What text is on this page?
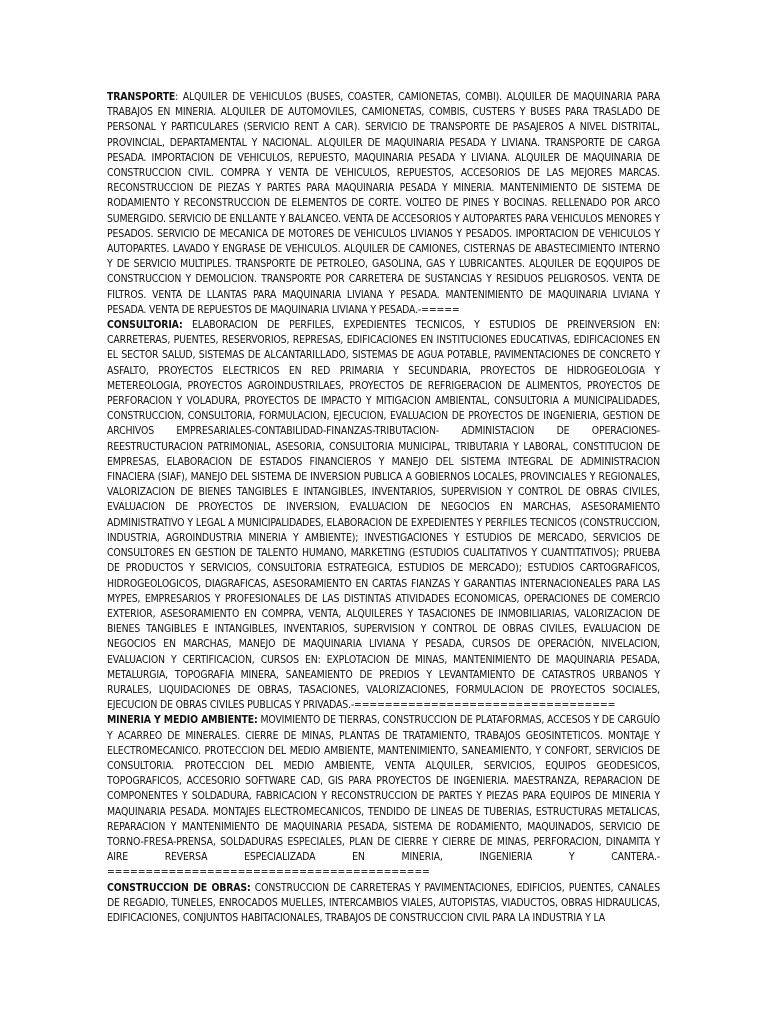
TRANSPORTE: ALQUILER DE VEHICULOS (BUSES, COASTER, CAMIONETAS, COMBI). ALQUILER DE MAQUINARIA PARA TRABAJOS EN MINERIA. ALQUILER DE AUTOMOVILES, CAMIONETAS, COMBIS, CUSTERS Y BUSES PARA TRASLADO DE PERSONAL Y PARTICULARES (SERVICIO RENT A CAR). SERVICIO DE TRANSPORTE DE PASAJEROS A NIVEL DISTRITAL, PROVINCIAL, DEPARTAMENTAL Y NACIONAL. ALQUILER DE MAQUINARIA PESADA Y LIVIANA. TRANSPORTE DE CARGA PESADA. IMPORTACION DE VEHICULOS, REPUESTO, MAQUINARIA PESADA Y LIVIANA. ALQUILER DE MAQUINARIA DE CONSTRUCCION CIVIL. COMPRA Y VENTA DE VEHICULOS, REPUESTOS, ACCESORIOS DE LAS MEJORES MARCAS. RECONSTRUCCION DE PIEZAS Y PARTES PARA MAQUINARIA PESADA Y MINERIA. MANTENIMIENTO DE SISTEMA DE RODAMIENTO Y RECONSTRUCCION DE ELEMENTOS DE CORTE. VOLTEO DE PINES Y BOCINAS. RELLENADO POR ARCO SUMERGIDO. SERVICIO DE ENLLANTE Y BALANCEO. VENTA DE ACCESORIOS Y AUTOPARTES PARA VEHICULOS MENORES Y PESADOS. SERVICIO DE MECANICA DE MOTORES DE VEHICULOS LIVIANOS Y PESADOS. IMPORTACION DE VEHICULOS Y AUTOPARTES. LAVADO Y ENGRASE DE VEHICULOS. ALQUILER DE CAMIONES, CISTERNAS DE ABASTECIMIENTO INTERNO Y DE SERVICIO MULTIPLES. TRANSPORTE DE PETROLEO, GASOLINA, GAS Y LUBRICANTES. ALQUILER DE EQQUIPOS DE CONSTRUCCION Y DEMOLICION. TRANSPORTE POR CARRETERA DE SUSTANCIAS Y RESIDUOS PELIGROSOS. VENTA DE FILTROS. VENTA DE LLANTAS PARA MAQUINARIA LIVIANA Y PESADA. MANTENIMIENTO DE MAQUINARIA LIVIANA Y PESADA. VENTA DE REPUESTOS DE MAQUINARIA LIVIANA Y PESADA.-=====

CONSULTORIA: ELABORACION DE PERFILES, EXPEDIENTES TECNICOS, Y ESTUDIOS DE PREINVERSION EN: CARRETERAS, PUENTES, RESERVORIOS, REPRESAS, EDIFICACIONES EN INSTITUCIONES EDUCATIVAS, EDIFICACIONES EN EL SECTOR SALUD, SISTEMAS DE ALCANTARILLADO, SISTEMAS DE AGUA POTABLE, PAVIMENTACIONES DE CONCRETO Y ASFALTO, PROYECTOS ELECTRICOS EN RED PRIMARIA Y SECUNDARIA, PROYECTOS DE HIDROGEOLOGIA Y METEREOLOGIA, PROYECTOS AGROINDUSTRILAES, PROYECTOS DE REFRIGERACION DE ALIMENTOS, PROYECTOS DE PERFORACION Y VOLADURA, PROYECTOS DE IMPACTO Y MITIGACION AMBIENTAL, CONSULTORIA A MUNICIPALIDADES, CONSTRUCCION, CONSULTORIA, FORMULACION, EJECUCION, EVALUACION DE PROYECTOS DE INGENIERIA, GESTION DE ARCHIVOS EMPRESARIALES-CONTABILIDAD-FINANZAS-TRIBUTACION- ADMINISTACION DE OPERACIONES-REESTRUCTURACION PATRIMONIAL, ASESORIA, CONSULTORIA MUNICIPAL, TRIBUTARIA Y LABORAL, CONSTITUCION DE EMPRESAS, ELABORACION DE ESTADOS FINANCIEROS Y MANEJO DEL SISTEMA INTEGRAL DE ADMINISTRACION FINACIERA (SIAF), MANEJO DEL SISTEMA DE INVERSION PUBLICA A GOBIERNOS LOCALES, PROVINCIALES Y REGIONALES, VALORIZACION DE BIENES TANGIBLES E INTANGIBLES, INVENTARIOS, SUPERVISION Y CONTROL DE OBRAS CIVILES, EVALUACION DE PROYECTOS DE INVERSION, EVALUACION DE NEGOCIOS EN MARCHAS, ASESORAMIENTO ADMINISTRATIVO Y LEGAL A MUNICIPALIDADES, ELABORACION DE EXPEDIENTES Y PERFILES TECNICOS (CONSTRUCCION, INDUSTRIA, AGROINDUSTRIA MINERIA Y AMBIENTE); INVESTIGACIONES Y ESTUDIOS DE MERCADO, SERVICIOS DE CONSULTORES EN GESTION DE TALENTO HUMANO, MARKETING (ESTUDIOS CUALITATIVOS Y CUANTITATIVOS); PRUEBA DE PRODUCTOS Y SERVICIOS, CONSULTORIA ESTRATEGICA, ESTUDIOS DE MERCADO); ESTUDIOS CARTOGRAFICOS, HIDROGEOLOGICOS, DIAGRAFICAS, ASESORAMIENTO EN CARTAS FIANZAS Y GARANTIAS INTERNACIONEALES PARA LAS MYPES, EMPRESARIOS Y PROFESIONALES DE LAS DISTINTAS ATIVIDADES ECONOMICAS, OPERACIONES DE COMERCIO EXTERIOR, ASESORAMIENTO EN COMPRA, VENTA, ALQUILERES Y TASACIONES DE INMOBILIARIAS, VALORIZACION DE BIENES TANGIBLES E INTANGIBLES, INVENTARIOS, SUPERVISION Y CONTROL DE OBRAS CIVILES, EVALUACION DE NEGOCIOS EN MARCHAS, MANEJO DE MAQUINARIA LIVIANA Y PESADA, CURSOS DE OPERACIÓN, NIVELACION, EVALUACION Y CERTIFICACION, CURSOS EN: EXPLOTACION DE MINAS, MANTENIMIENTO DE MAQUINARIA PESADA, METALURGIA, TOPOGRAFIA MINERA, SANEAMIENTO DE PREDIOS Y LEVANTAMIENTO DE CATASTROS URBANOS Y RURALES, LIQUIDACIONES DE OBRAS, TASACIONES, VALORIZACIONES, FORMULACION DE PROYECTOS SOCIALES, EJECUCION DE OBRAS CIVILES PUBLICAS Y PRIVADAS.-==================================

MINERIA Y MEDIO AMBIENTE: MOVIMIENTO DE TIERRAS, CONSTRUCCION DE PLATAFORMAS, ACCESOS Y DE CARGUÍO Y ACARREO DE MINERALES. CIERRE DE MINAS, PLANTAS DE TRATAMIENTO, TRABAJOS GEOSINTETICOS. MONTAJE Y ELECTROMECANICO. PROTECCION DEL MEDIO AMBIENTE, MANTENIMIENTO, SANEAMIENTO, Y CONFORT, SERVICIOS DE CONSULTORIA. PROTECCION DEL MEDIO AMBIENTE, VENTA ALQUILER, SERVICIOS, EQUIPOS GEODESICOS, TOPOGRAFICOS, ACCESORIO SOFTWARE CAD, GIS PARA PROYECTOS DE INGENIERIA. MAESTRANZA, REPARACION DE COMPONENTES Y SOLDADURA, FABRICACION Y RECONSTRUCCION DE PARTES Y PIEZAS PARA EQUIPOS DE MINERIA Y MAQUINARIA PESADA. MONTAJES ELECTROMECANICOS, TENDIDO DE LINEAS DE TUBERIAS, ESTRUCTURAS METALICAS, REPARACION Y MANTENIMIENTO DE MAQUINARIA PESADA, SISTEMA DE RODAMIENTO, MAQUINADOS, SERVICIO DE TORNO-FRESA-PRENSA, SOLDADURAS ESPECIALES, PLAN DE CIERRE Y CIERRE DE MINAS, PERFORACION, DINAMITA Y AIRE REVERSA ESPECIALIZADA EN MINERIA, INGENIERIA Y CANTERA.-==========================================

CONSTRUCCION DE OBRAS: CONSTRUCCION DE CARRETERAS Y PAVIMENTACIONES, EDIFICIOS, PUENTES, CANALES DE REGADIO, TUNELES, ENROCADOS MUELLES, INTERCAMBIOS VIALES, AUTOPISTAS, VIADUCTOS, OBRAS HIDRAULICAS, EDIFICACIONES, CONJUNTOS HABITACIONALES, TRABAJOS DE CONSTRUCCION CIVIL PARA LA INDUSTRIA Y LA
